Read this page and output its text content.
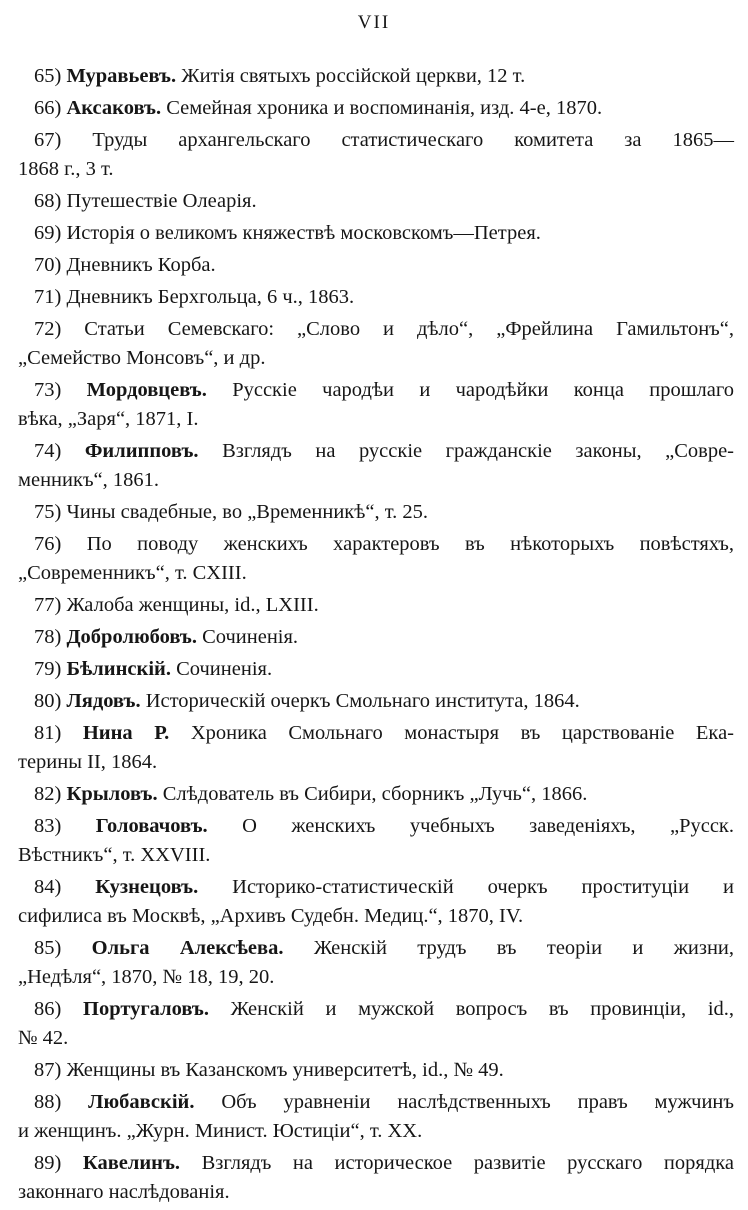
VII
65) Муравьевъ. Житія святыхъ россійской церкви, 12 т.
66) Аксаковъ. Семейная хроника и воспоминанія, изд. 4-е, 1870.
67) Труды архангельскаго статистическаго комитета за 1865—
1868 г., 3 т.
68) Путешествіе Олеарія.
69) Исторія о великомъ княжествѣ московскомъ—Петрея.
70) Дневникъ Корба.
71) Дневникъ Берхгольца, 6 ч., 1863.
72) Статьи Семевскаго: „Слово и дѣло“, „Фрейлина Гамильтонъ“,
„Семейство Монсовъ“, и др.
73) Мордовцевъ. Русскіе чародѣи и чародѣйки конца прошлаго
вѣка, „Заря“, 1871, I.
74) Филипповъ. Взглядъ на русскіе гражданскіе законы, „Совре-
менникъ“, 1861.
75) Чины свадебные, во „Временникѣ“, т. 25.
76) По поводу женскихъ характеровъ въ нѣкоторыхъ повѣстяхъ,
„Современникъ“, т. CXIII.
77) Жалоба женщины, id., LXIII.
78) Добролюбовъ. Сочиненія.
79) Бѣлинскій. Сочиненія.
80) Лядовъ. Историческій очеркъ Смольнаго института, 1864.
81) Нина Р. Хроника Смольнаго монастыря въ царствованіе Ека-
терины II, 1864.
82) Крыловъ. Слѣдователь въ Сибири, сборникъ „Лучь“, 1866.
83) Головачовъ. О женскихъ учебныхъ заведеніяхъ, „Русск.
Вѣстникъ“, т. XXVIII.
84) Кузнецовъ. Историко-статистическій очеркъ проституціи и
сифилиса въ Москвѣ, „Архивъ Судебн. Медиц.“, 1870, IV.
85) Ольга Алексѣева. Женскій трудъ въ теоріи и жизни,
„Недѣля“, 1870, № 18, 19, 20.
86) Португаловъ. Женскій и мужской вопросъ въ провинціи, id.,
№ 42.
87) Женщины въ Казанскомъ университетѣ, id., № 49.
88) Любавскій. Объ уравненіи наслѣдственныхъ правъ мужчинъ
и женщинъ. „Журн. Минист. Юстиціи“, т. XX.
89) Кавелинъ. Взглядъ на историческое развитіе русскаго порядка
законнаго наслѣдованія.
